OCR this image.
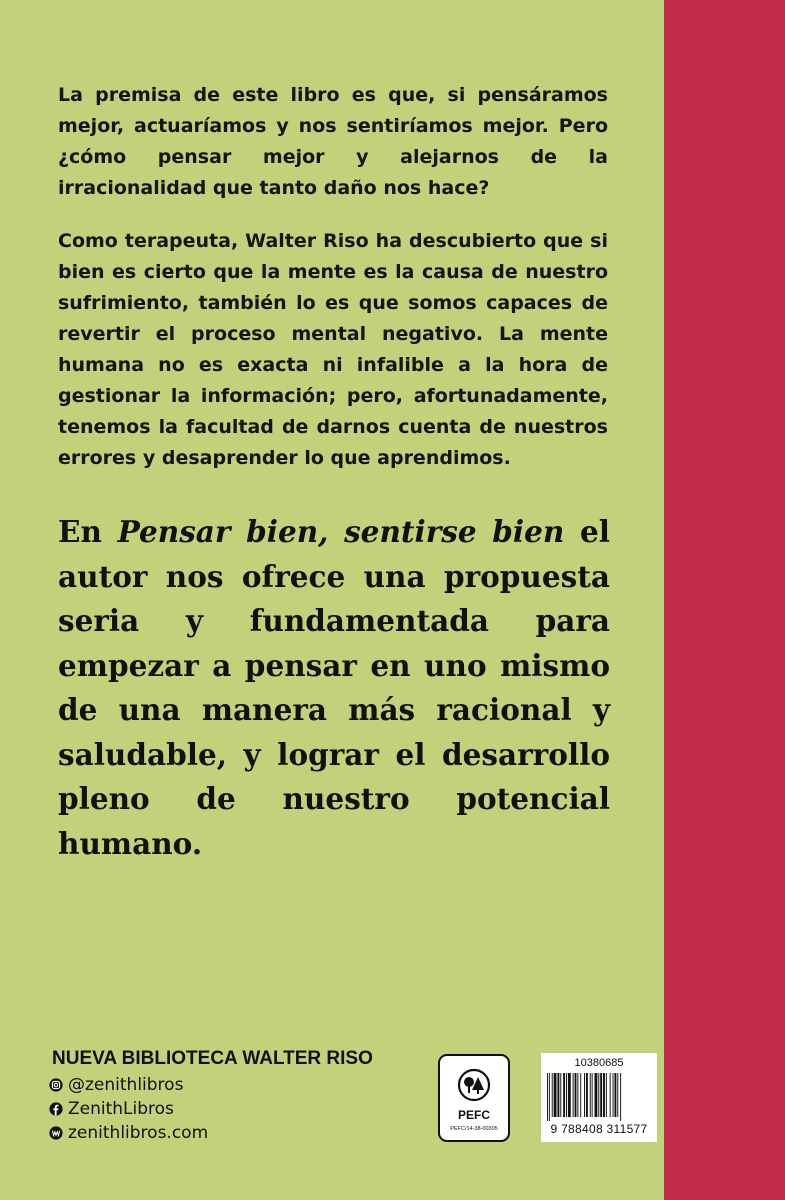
La premisa de este libro es que, si pensáramos mejor, actuaríamos y nos sentiríamos mejor. Pero ¿cómo pensar mejor y alejarnos de la irracionalidad que tanto daño nos hace?

Como terapeuta, Walter Riso ha descubierto que si bien es cierto que la mente es la causa de nuestro sufrimiento, también lo es que somos capaces de revertir el proceso mental negativo. La mente humana no es exacta ni infalible a la hora de gestionar la información; pero, afortunadamente, tenemos la facultad de darnos cuenta de nuestros errores y desaprender lo que aprendimos.

En Pensar bien, sentirse bien el autor nos ofrece una propuesta seria y fundamentada para empezar a pensar en uno mismo de una manera más racional y saludable, y lograr el desarrollo pleno de nuestro potencial humano.

NUEVA BIBLIOTECA WALTER RISO
@zenithlibros
ZenithLibros
zenithlibros.com
PEFC
PEFC/14-38-00305
10380685
9 788408 311577
